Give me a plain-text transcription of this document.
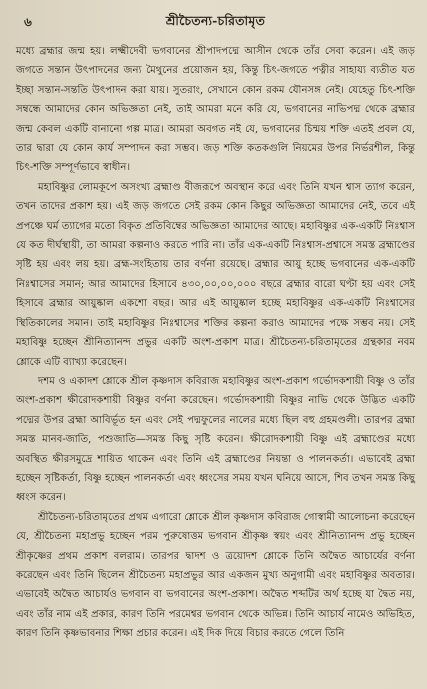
৬	শ্রীচৈতন্য-চরিতামৃত

মধ্যে ব্রহ্মার জন্ম হয়। লক্ষ্মীদেবী ভগবানের শ্রীপাদপদ্মে আসীন থেকে তাঁর সেবা করেন। এই জড় জগতে সন্তান উৎপাদনের জন্য মৈথুনের প্রয়োজন হয়, কিন্তু চিৎ-জগতে পত্নীর সাহায্য ব্যতীত যত ইচ্ছা সন্তান-সন্ততি উৎপাদন করা যায়। সুতরাং, সেখানে কোন রকম যৌনসঙ্গ নেই। যেহেতু চিৎ-শক্তি সম্বন্ধে আমাদের কোন অভিজ্ঞতা নেই, তাই আমরা মনে করি যে, ভগবানের নাভিপদ্ম থেকে ব্রহ্মার জন্ম কেবল একটি বানানো গল্প মাত্র। আমরা অবগত নই যে, ভগবানের চিন্ময় শক্তি এতই প্রবল যে, তার দ্বারা যে কোন কার্য সম্পাদন করা সম্ভব। জড় শক্তি কতকগুলি নিয়মের উপর নির্ভরশীল, কিন্তু চিৎ-শক্তি সম্পূর্ণভাবে স্বাধীন।

মহাবিষ্ণুর লোমকূপে অসংখ্য ব্রহ্মাণ্ড বীজরূপে অবস্থান করে এবং তিনি যখন শ্বাস ত্যাগ করেন, তখন তাদের প্রকাশ হয়। এই জড় জগতে সেই রকম কোন কিছুর অভিজ্ঞতা আমাদের নেই, তবে এই প্রপঞ্চে ঘর্ম ত্যাগের মতো বিকৃত প্রতিবিম্বের অভিজ্ঞতা আমাদের আছে। মহাবিষ্ণুর এক-একটি নিঃশ্বাস যে কত দীর্ঘস্থায়ী, তা আমরা কল্পনাও করতে পারি না। তাঁর এক-একটি নিঃশ্বাস-প্রশ্বাসে সমস্ত ব্রহ্মাণ্ডের সৃষ্টি হয় এবং লয় হয়। ব্রহ্ম-সংহিতায় তার বর্ণনা রয়েছে। ব্রহ্মার আয়ু হচ্ছে ভগবানের এক-একটি নিঃশ্বাসের সমান; আর আমাদের হিসাবে ৪৩০,০০,০০,০০০ বছরে ব্রহ্মার বারো ঘণ্টা হয় এবং সেই হিসাবে ব্রহ্মার আয়ুষ্কাল একশো বছর। আর এই আয়ুষ্কাল হচ্ছে মহাবিষ্ণুর এক-একটি নিঃশ্বাসের স্থিতিকালের সমান। তাই মহাবিষ্ণুর নিঃশ্বাসের শক্তির কল্পনা করাও আমাদের পক্ষে সম্ভব নয়। সেই মহাবিষ্ণু হচ্ছেন শ্রীনিত্যানন্দ প্রভুর একটি অংশ-প্রকাশ মাত্র। শ্রীচৈতন্য-চরিতামৃতের গ্রন্থকার নবম শ্লোকে এটি ব্যাখ্যা করেছেন।

দশম ও একাদশ শ্লোকে শ্রীল কৃষ্ণদাস কবিরাজ মহাবিষ্ণুর অংশ-প্রকাশ গর্ভোদকশায়ী বিষ্ণু ও তাঁর অংশ-প্রকাশ ক্ষীরোদকশায়ী বিষ্ণুর বর্ণনা করেছেন। গর্ভোদকশায়ী বিষ্ণুর নাভি থেকে উদ্ভিত একটি পদ্মের উপর ব্রহ্মা আবির্ভূত হন এবং সেই পদ্মফুলের নালের মধ্যে ছিল বহু গ্রহমণ্ডলী। তারপর ব্রহ্মা সমস্ত মানব-জাতি, পশুজাতি—সমস্ত কিছু সৃষ্টি করেন। ক্ষীরোদকশায়ী বিষ্ণু এই ব্রহ্মাণ্ডের মধ্যে অবস্থিত ক্ষীরসমুদ্রে শায়িত থাকেন এবং তিনি এই ব্রহ্মাণ্ডের নিয়ন্তা ও পালনকর্তা। এভাবেই ব্রহ্মা হচ্ছেন সৃষ্টিকর্তা, বিষ্ণু হচ্ছেন পালনকর্তা এবং ধ্বংসের সময় যখন ঘনিয়ে আসে, শিব তখন সমস্ত কিছু ধ্বংস করেন।

শ্রীচৈতন্য-চরিতামৃতের প্রথম এগারো শ্লোকে শ্রীল কৃষ্ণদাস কবিরাজ গোস্বামী আলোচনা করেছেন যে, শ্রীচৈতন্য মহাপ্রভু হচ্ছেন পরম পুরুষোত্তম ভগবান শ্রীকৃষ্ণ স্বয়ং এবং শ্রীনিত্যানন্দ প্রভু হচ্ছেন শ্রীকৃষ্ণের প্রথম প্রকাশ বলরাম। তারপর দ্বাদশ ও ত্রয়োদশ শ্লোকে তিনি অদ্বৈত আচার্যের বর্ণনা করেছেন এবং তিনি ছিলেন শ্রীচৈতন্য মহাপ্রভুর আর একজন মুখ্য অনুগামী এবং মহাবিষ্ণুর অবতার। এভাবেই অদ্বৈত আচার্যও ভগবান বা ভগবানের অংশ-প্রকাশ। অদ্বৈত শব্দটির অর্থ হচ্ছে যা দ্বৈত নয়, এবং তাঁর নাম এই প্রকার, কারণ তিনি পরমেশ্বর ভগবান থেকে অভিন্ন। তিনি আচার্য নামেও অভিহিত, কারণ তিনি কৃষ্ণভাবনার শিক্ষা প্রচার করেন। এই দিক দিয়ে বিচার করতে গেলে তিনি
